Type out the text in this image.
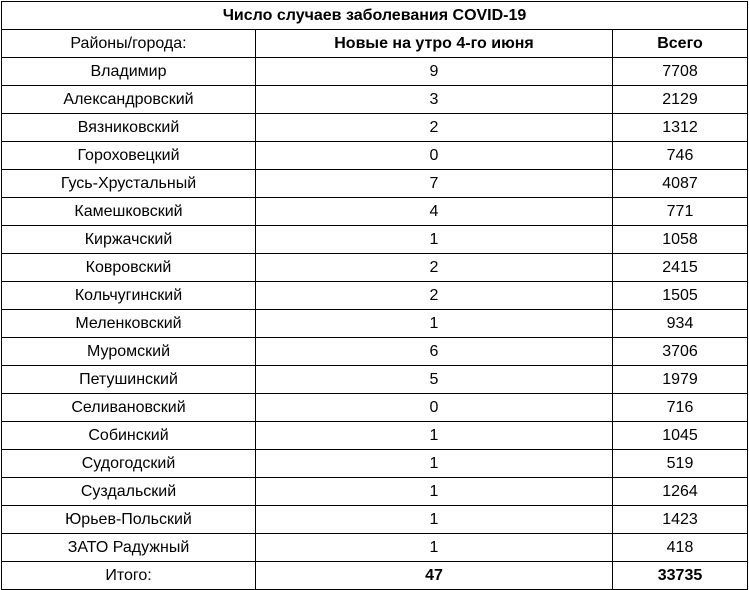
Число случаев заболевания COVID-19		
Районы/города:	Новые на утро 4-го июня	Всего
Владимир	9	7708
Александровский	3	2129
Вязниковский	2	1312
Гороховецкий	0	746
Гусь-Хрустальный	7	4087
Камешковский	4	771
Киржачский	1	1058
Ковровский	2	2415
Кольчугинский	2	1505
Меленковский	1	934
Муромский	6	3706
Петушинский	5	1979
Селивановский	0	716
Собинский	1	1045
Судогодский	1	519
Суздальский	1	1264
Юрьев-Польский	1	1423
ЗАТО Радужный	1	418
Итого:	47	33735
